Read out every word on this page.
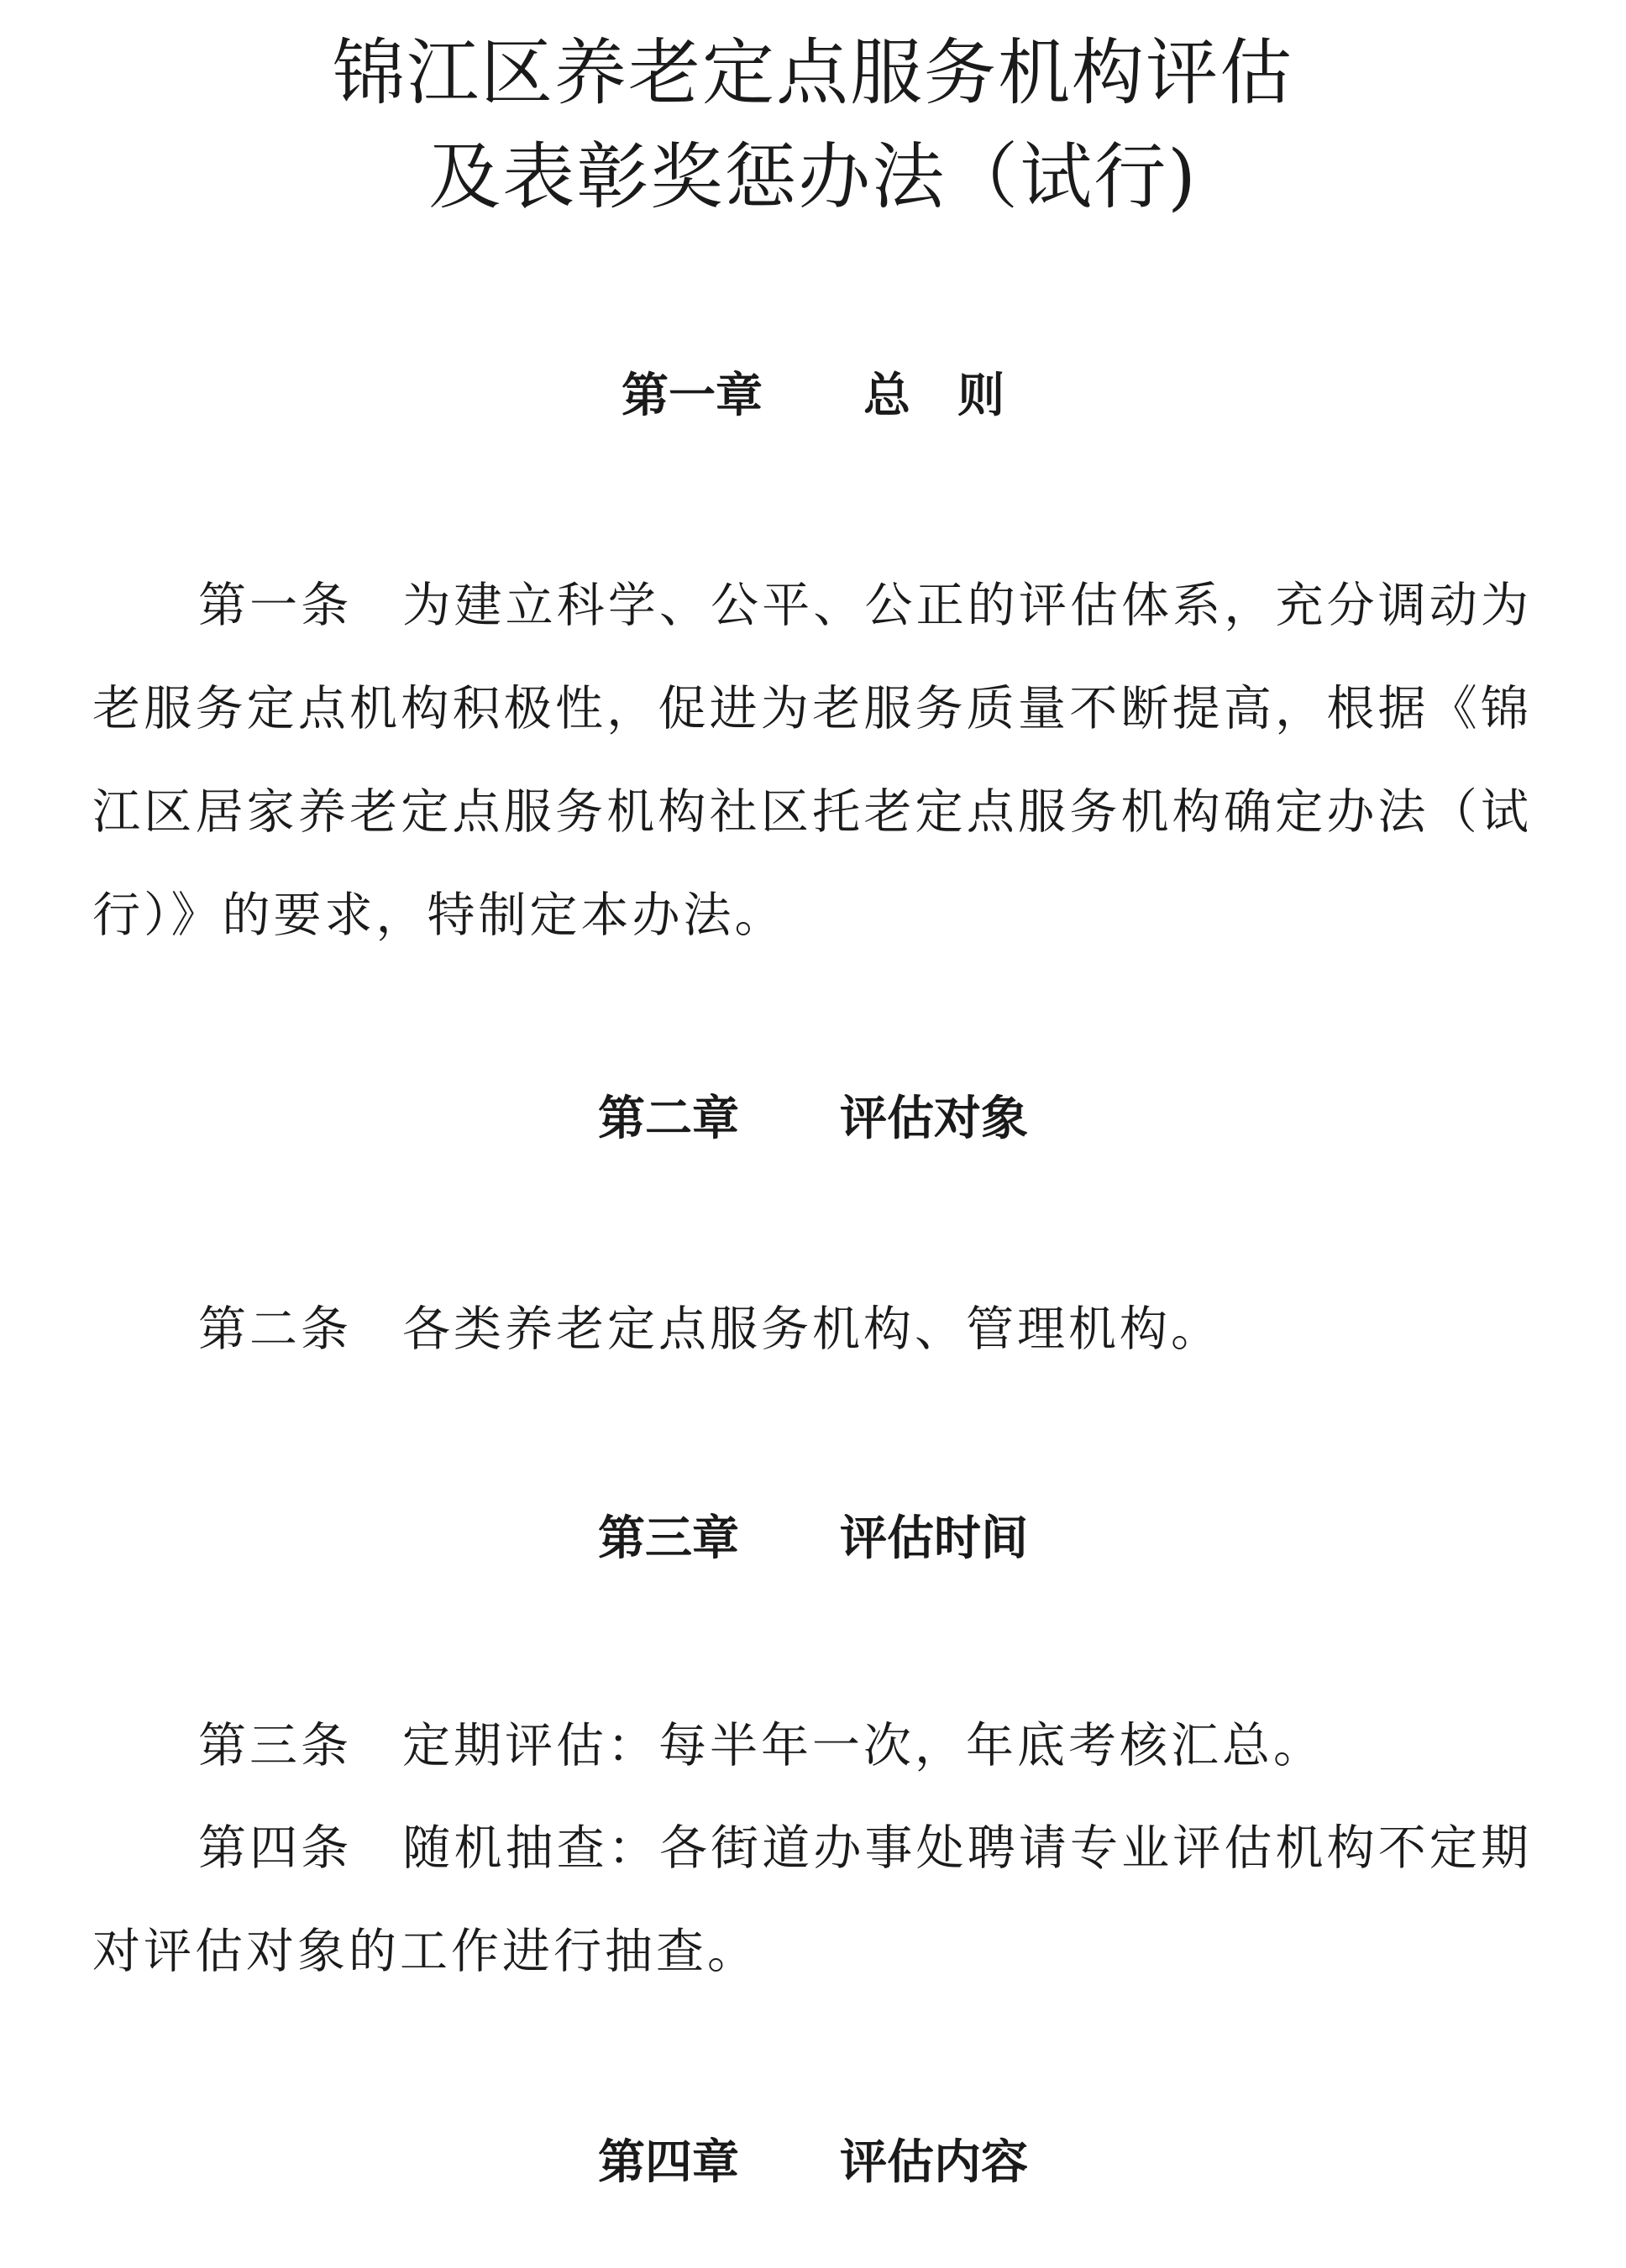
锦江区养老定点服务机构评估
及表彰奖惩办法（试行)
第一章 总　则

第一条 为建立科学、公平、公正的评估体系，充分调动为老服务定点机构积极性，促进为老服务质量不断提高，根据《锦江区居家养老定点服务机构社区托老定点服务机构确定办法（试行）》的要求，特制定本办法。

第二章 评估对象

第二条 各类养老定点服务机构、管理机构。

第三章 评估时间

第三条 定期评估：每半年一次，年底考核汇总。

第四条 随机抽查：各街道办事处聘请专业评估机构不定期对评估对象的工作进行抽查。

第四章 评估内容
